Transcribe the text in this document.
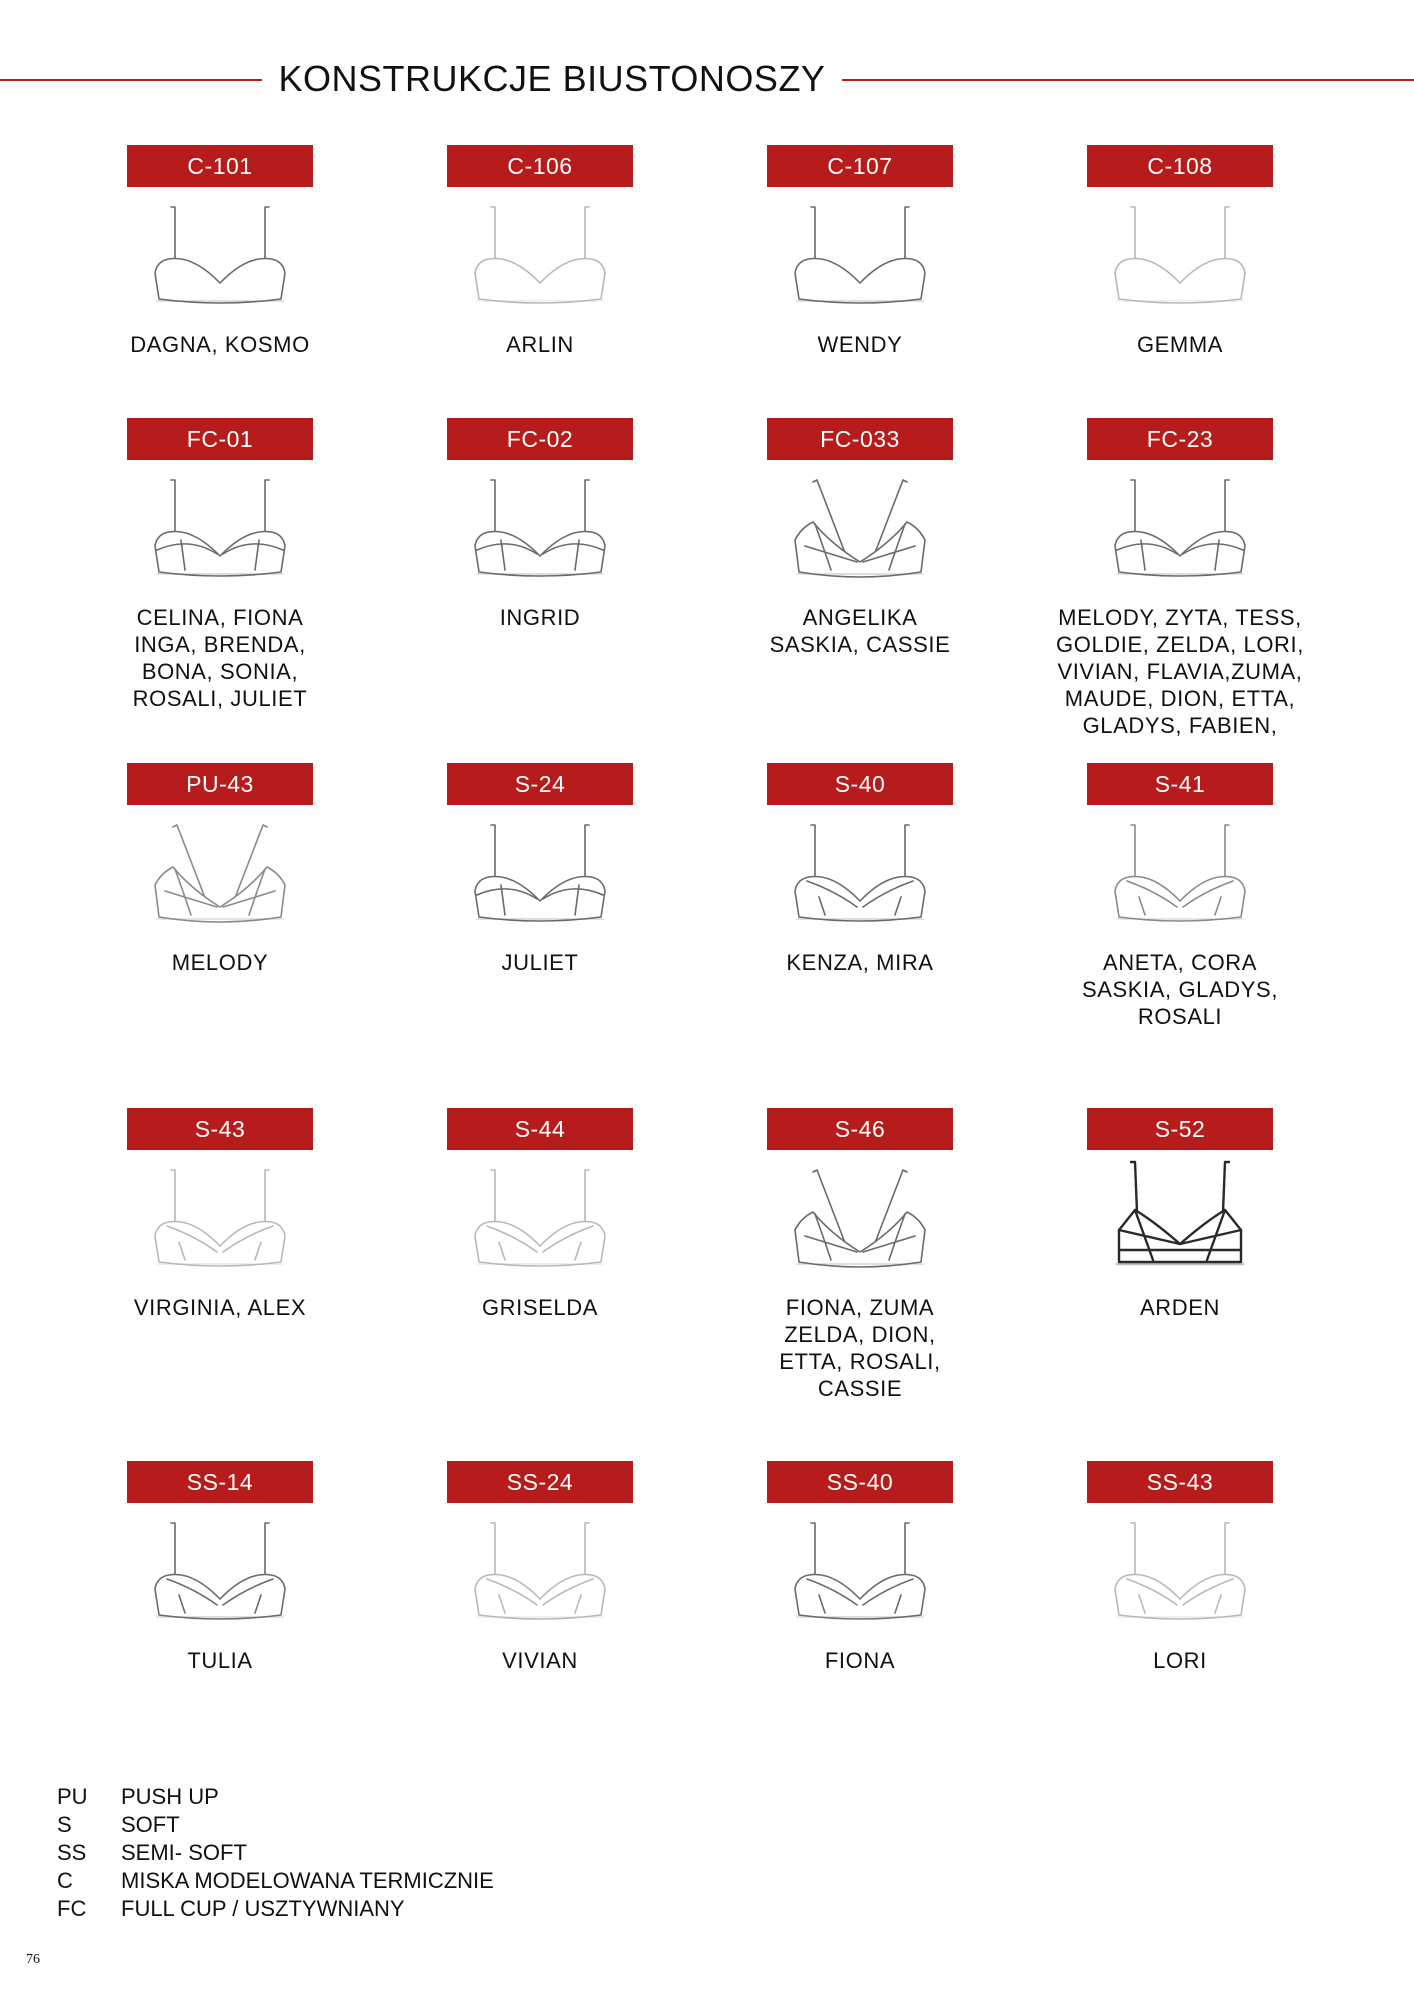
KONSTRUKCJE BIUSTONOSZY
C-101
DAGNA, KOSMO
C-106
ARLIN
C-107
WENDY
C-108
GEMMA
FC-01
CELINA, FIONA
INGA, BRENDA,
BONA, SONIA,
ROSALI, JULIET
FC-02
INGRID
FC-033
ANGELIKA
SASKIA, CASSIE
FC-23
MELODY, ZYTA, TESS,
GOLDIE, ZELDA, LORI,
VIVIAN, FLAVIA,ZUMA,
MAUDE, DION, ETTA,
GLADYS, FABIEN,
PU-43
MELODY
S-24
JULIET
S-40
KENZA, MIRA
S-41
ANETA, CORA
SASKIA, GLADYS,
ROSALI
S-43
VIRGINIA, ALEX
S-44
GRISELDA
S-46
FIONA, ZUMA
ZELDA, DION,
ETTA, ROSALI,
CASSIE
S-52
ARDEN
SS-14
TULIA
SS-24
VIVIAN
SS-40
FIONA
SS-43
LORI
PU	PUSH UP
S	SOFT
SS	SEMI- SOFT
C	MISKA MODELOWANA TERMICZNIE
FC	FULL CUP / USZTYWNIANY
76
